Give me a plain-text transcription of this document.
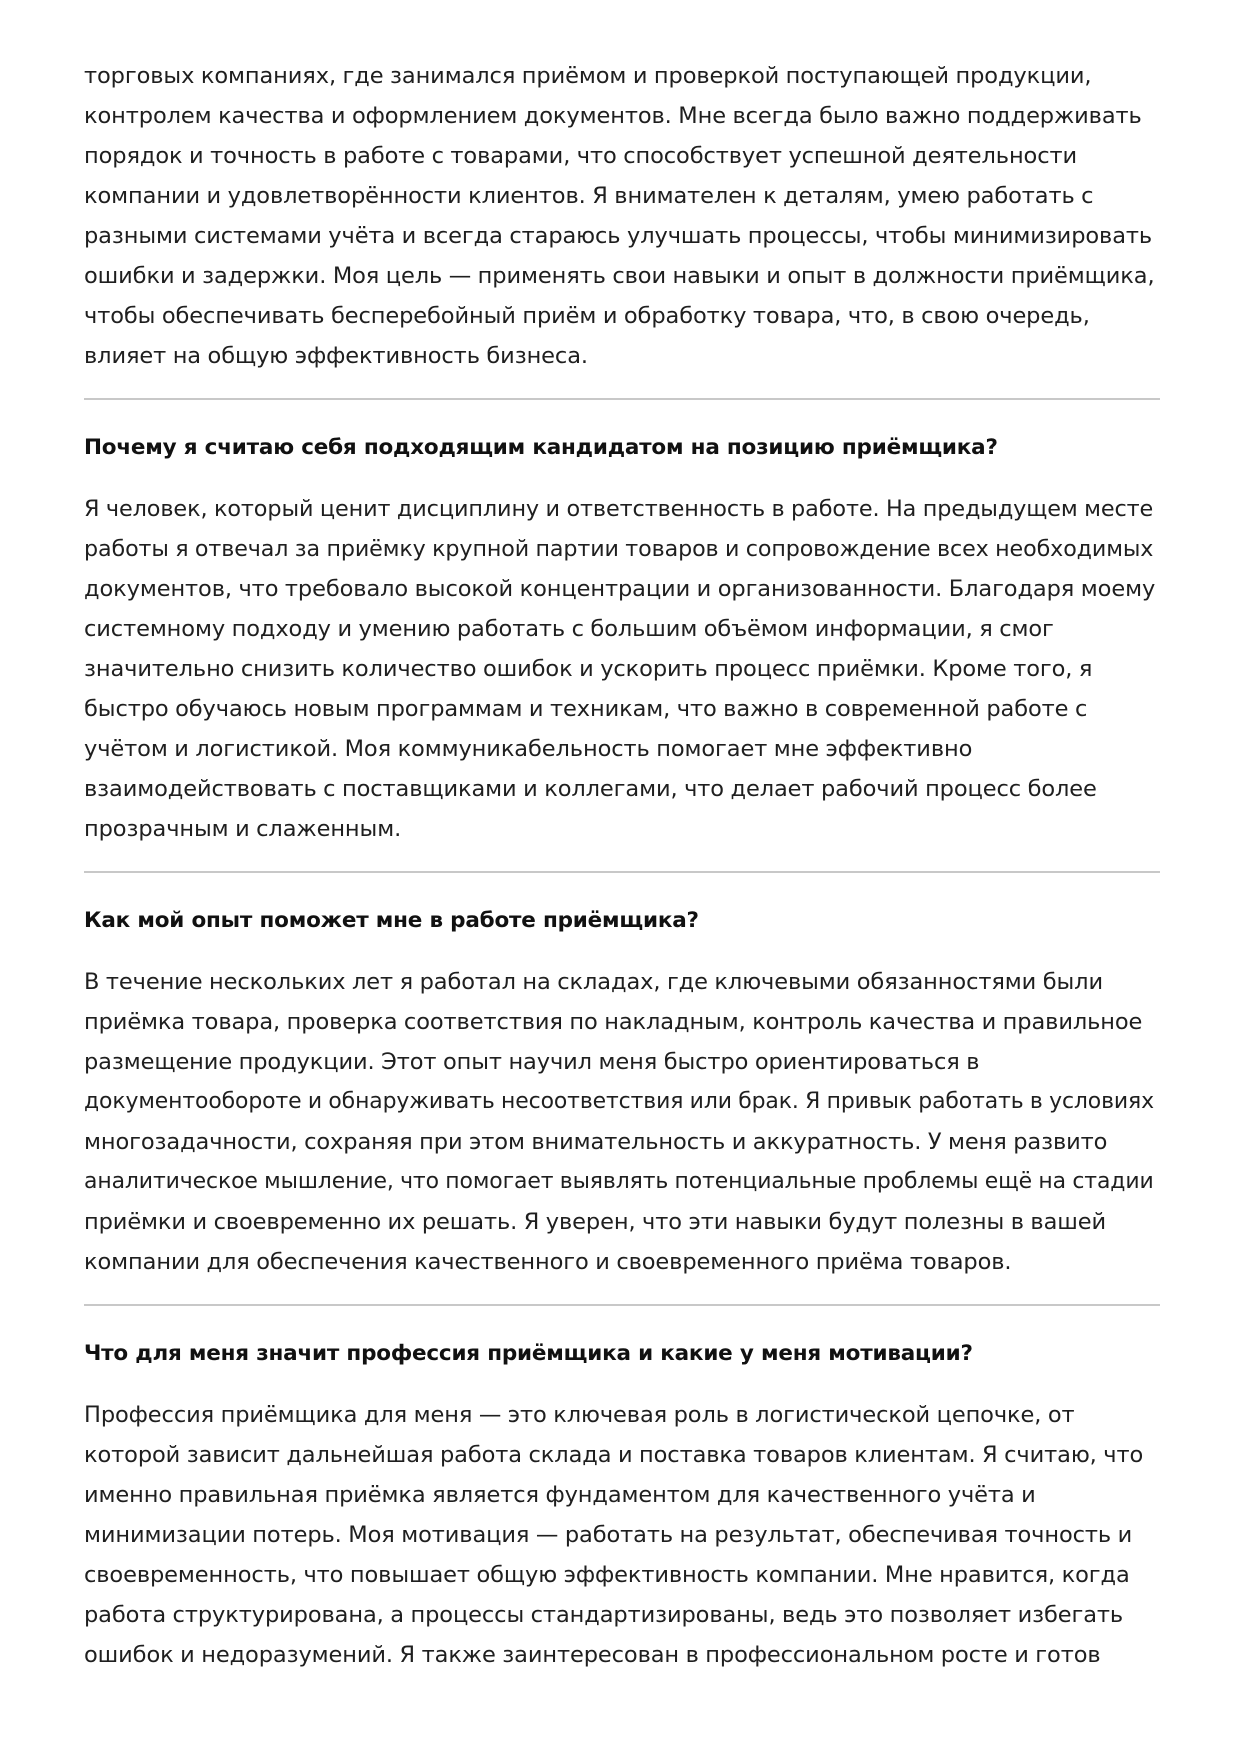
торговых компаниях, где занимался приёмом и проверкой поступающей продукции,
контролем качества и оформлением документов. Мне всегда было важно поддерживать
порядок и точность в работе с товарами, что способствует успешной деятельности
компании и удовлетворённости клиентов. Я внимателен к деталям, умею работать с
разными системами учёта и всегда стараюсь улучшать процессы, чтобы минимизировать
ошибки и задержки. Моя цель — применять свои навыки и опыт в должности приёмщика,
чтобы обеспечивать бесперебойный приём и обработку товара, что, в свою очередь,
влияет на общую эффективность бизнеса.

Почему я считаю себя подходящим кандидатом на позицию приёмщика?

Я человек, который ценит дисциплину и ответственность в работе. На предыдущем месте
работы я отвечал за приёмку крупной партии товаров и сопровождение всех необходимых
документов, что требовало высокой концентрации и организованности. Благодаря моему
системному подходу и умению работать с большим объёмом информации, я смог
значительно снизить количество ошибок и ускорить процесс приёмки. Кроме того, я
быстро обучаюсь новым программам и техникам, что важно в современной работе с
учётом и логистикой. Моя коммуникабельность помогает мне эффективно
взаимодействовать с поставщиками и коллегами, что делает рабочий процесс более
прозрачным и слаженным.

Как мой опыт поможет мне в работе приёмщика?

В течение нескольких лет я работал на складах, где ключевыми обязанностями были
приёмка товара, проверка соответствия по накладным, контроль качества и правильное
размещение продукции. Этот опыт научил меня быстро ориентироваться в
документообороте и обнаруживать несоответствия или брак. Я привык работать в условиях
многозадачности, сохраняя при этом внимательность и аккуратность. У меня развито
аналитическое мышление, что помогает выявлять потенциальные проблемы ещё на стадии
приёмки и своевременно их решать. Я уверен, что эти навыки будут полезны в вашей
компании для обеспечения качественного и своевременного приёма товаров.

Что для меня значит профессия приёмщика и какие у меня мотивации?

Профессия приёмщика для меня — это ключевая роль в логистической цепочке, от
которой зависит дальнейшая работа склада и поставка товаров клиентам. Я считаю, что
именно правильная приёмка является фундаментом для качественного учёта и
минимизации потерь. Моя мотивация — работать на результат, обеспечивая точность и
своевременность, что повышает общую эффективность компании. Мне нравится, когда
работа структурирована, а процессы стандартизированы, ведь это позволяет избегать
ошибок и недоразумений. Я также заинтересован в профессиональном росте и готов
